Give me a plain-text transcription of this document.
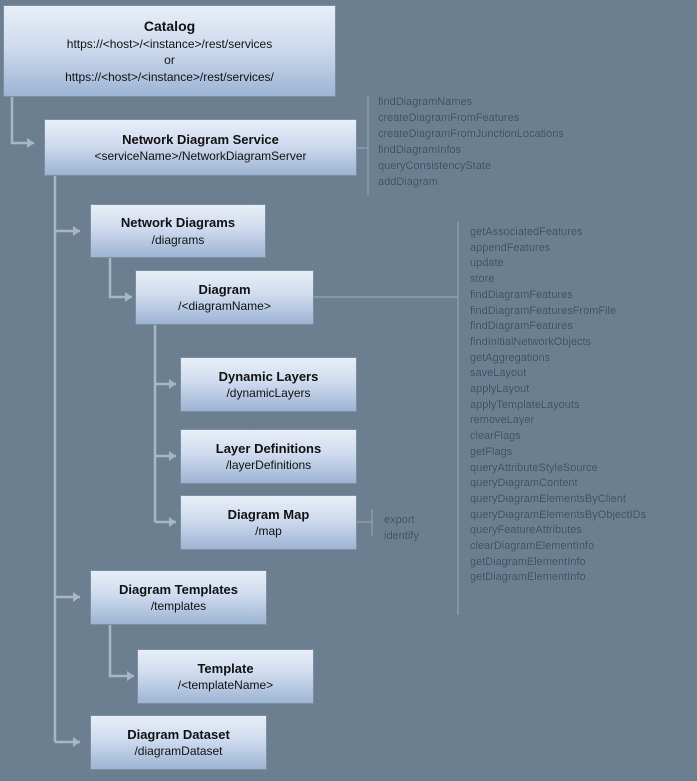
Catalog
https://<host>/<instance>/rest/services
or
https://<host>/<instance>/rest/services/
Network Diagram Service
<serviceName>/NetworkDiagramServer
Network Diagrams
/diagrams
Diagram
/<diagramName>
Dynamic Layers
/dynamicLayers
Layer Definitions
/layerDefinitions
Diagram Map
/map
Diagram Templates
/templates
Template
/<templateName>
Diagram Dataset
/diagramDataset
findDiagramNames
createDiagramFromFeatures
createDiagramFromJunctionLocations
findDiagramInfos
queryConsistencyState
addDiagram
getAssociatedFeatures
appendFeatures
update
store
findDiagramFeatures
findDiagramFeaturesFromFile
findDiagramFeatures
findInitialNetworkObjects
getAggregations
saveLayout
applyLayout
applyTemplateLayouts
removeLayer
clearFlags
getFlags
queryAttributeStyleSource
queryDiagramContent
queryDiagramElementsByClient
queryDiagramElementsByObjectIDs
queryFeatureAttributes
clearDiagramElementInfo
getDiagramElementInfo
getDiagramElementInfo
export
identify
